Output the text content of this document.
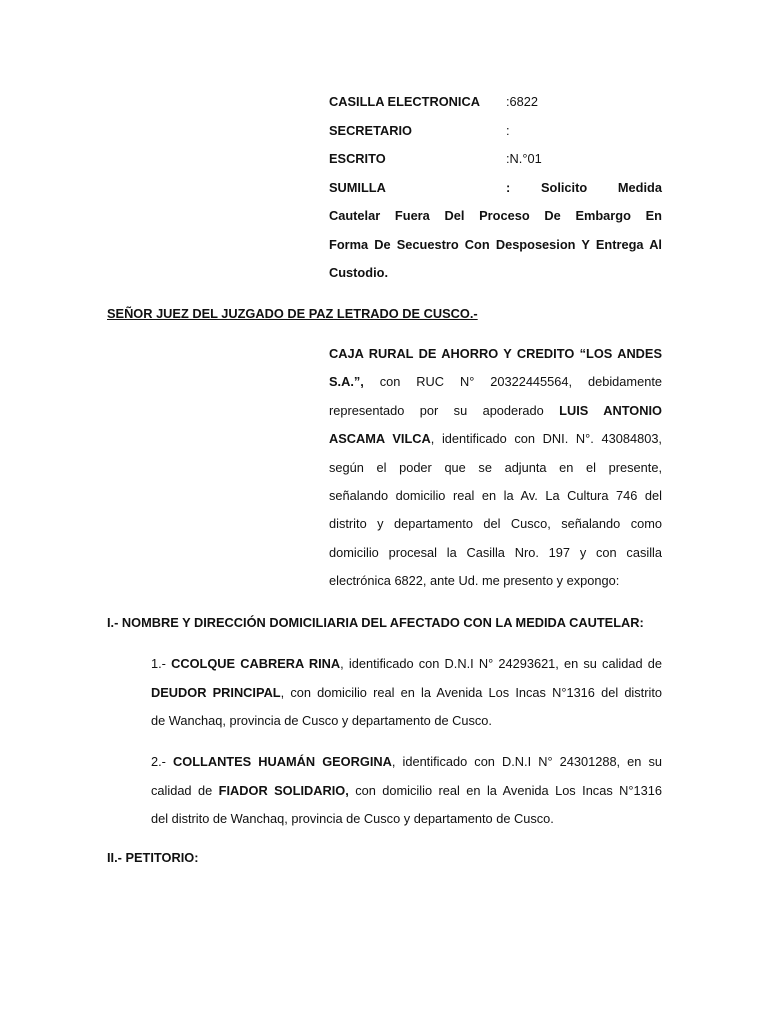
CASILLA ELECTRONICA :6822
SECRETARIO	:
ESCRITO	:N.°01
SUMILLA	: Solicito Medida
Cautelar Fuera Del Proceso De Embargo En
Forma De Secuestro Con Desposesion Y Entrega Al
Custodio.
SEÑOR JUEZ DEL JUZGADO DE PAZ LETRADO DE CUSCO.-
CAJA RURAL DE AHORRO Y CREDITO “LOS ANDES
S.A.”, con RUC N° 20322445564, debidamente
representado por su apoderado LUIS ANTONIO
ASCAMA VILCA, identificado con DNI. N°. 43084803,
según el poder que se adjunta en el presente,
señalando domicilio real en la Av. La Cultura 746 del
distrito y departamento del Cusco, señalando como
domicilio procesal la Casilla Nro. 197 y con casilla
electrónica 6822, ante Ud. me presento y expongo:
I.- NOMBRE Y DIRECCIÓN DOMICILIARIA DEL AFECTADO CON LA MEDIDA CAUTELAR:
1.- CCOLQUE CABRERA RINA, identificado con D.N.I N° 24293621, en su calidad de
DEUDOR PRINCIPAL, con domicilio real en la Avenida Los Incas N°1316 del distrito
de Wanchaq, provincia de Cusco y departamento de Cusco.
2.- COLLANTES HUAMÁN GEORGINA, identificado con D.N.I N° 24301288, en su
calidad de FIADOR SOLIDARIO, con domicilio real en la Avenida Los Incas N°1316
del distrito de Wanchaq, provincia de Cusco y departamento de Cusco.
II.- PETITORIO:
